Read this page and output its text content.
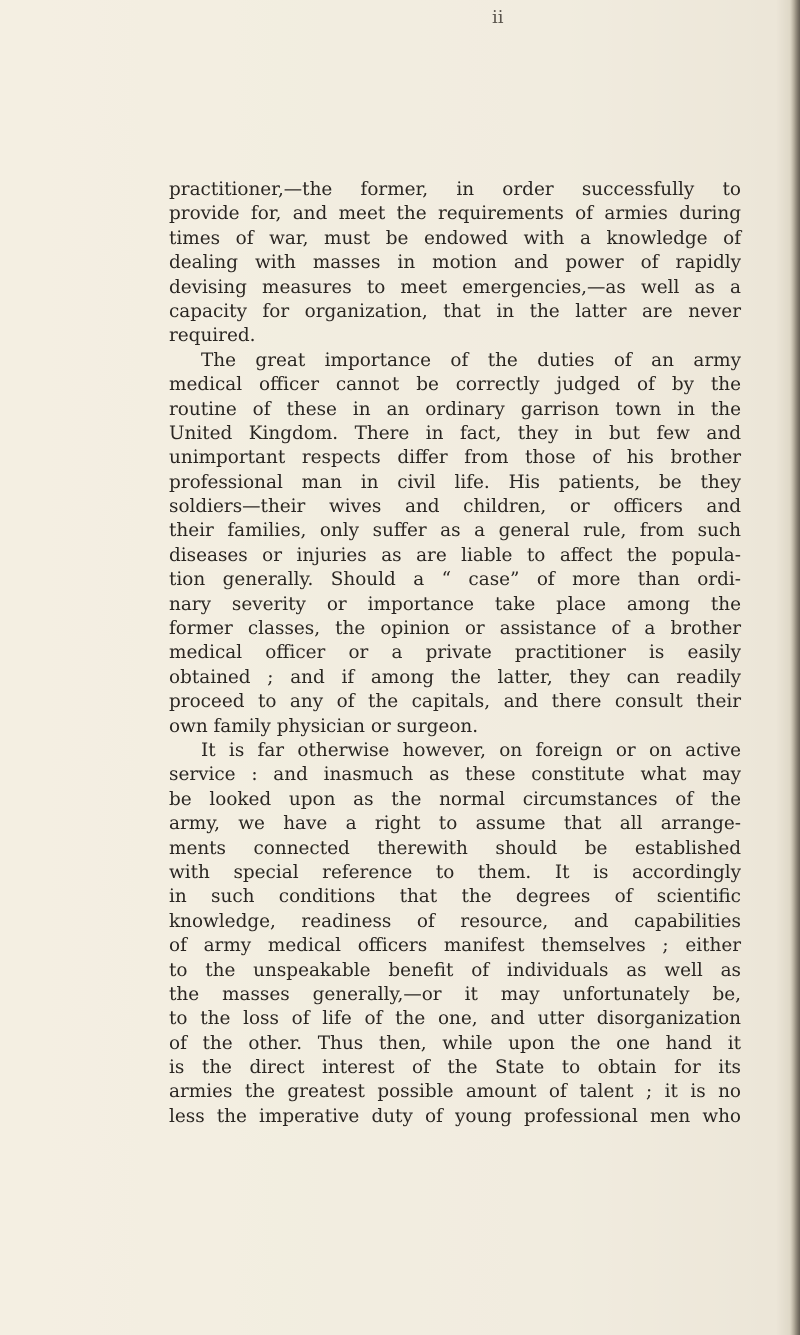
ii
practitioner,—the former, in order successfully to
provide for, and meet the requirements of armies during
times of war, must be endowed with a knowledge of
dealing with masses in motion and power of rapidly
devising measures to meet emergencies,—as well as a
capacity for organization, that in the latter are never
required.
The great importance of the duties of an army
medical officer cannot be correctly judged of by the
routine of these in an ordinary garrison town in the
United Kingdom. There in fact, they in but few and
unimportant respects differ from those of his brother
professional man in civil life. His patients, be they
soldiers—their wives and children, or officers and
their families, only suffer as a general rule, from such
diseases or injuries as are liable to affect the popula-
tion generally. Should a “ case” of more than ordi-
nary severity or importance take place among the
former classes, the opinion or assistance of a brother
medical officer or a private practitioner is easily
obtained ; and if among the latter, they can readily
proceed to any of the capitals, and there consult their
own family physician or surgeon.
It is far otherwise however, on foreign or on active
service : and inasmuch as these constitute what may
be looked upon as the normal circumstances of the
army, we have a right to assume that all arrange-
ments connected therewith should be established
with special reference to them. It is accordingly
in such conditions that the degrees of scientific
knowledge, readiness of resource, and capabilities
of army medical officers manifest themselves ; either
to the unspeakable benefit of individuals as well as
the masses generally,—or it may unfortunately be,
to the loss of life of the one, and utter disorganization
of the other. Thus then, while upon the one hand it
is the direct interest of the State to obtain for its
armies the greatest possible amount of talent ; it is no
less the imperative duty of young professional men who
